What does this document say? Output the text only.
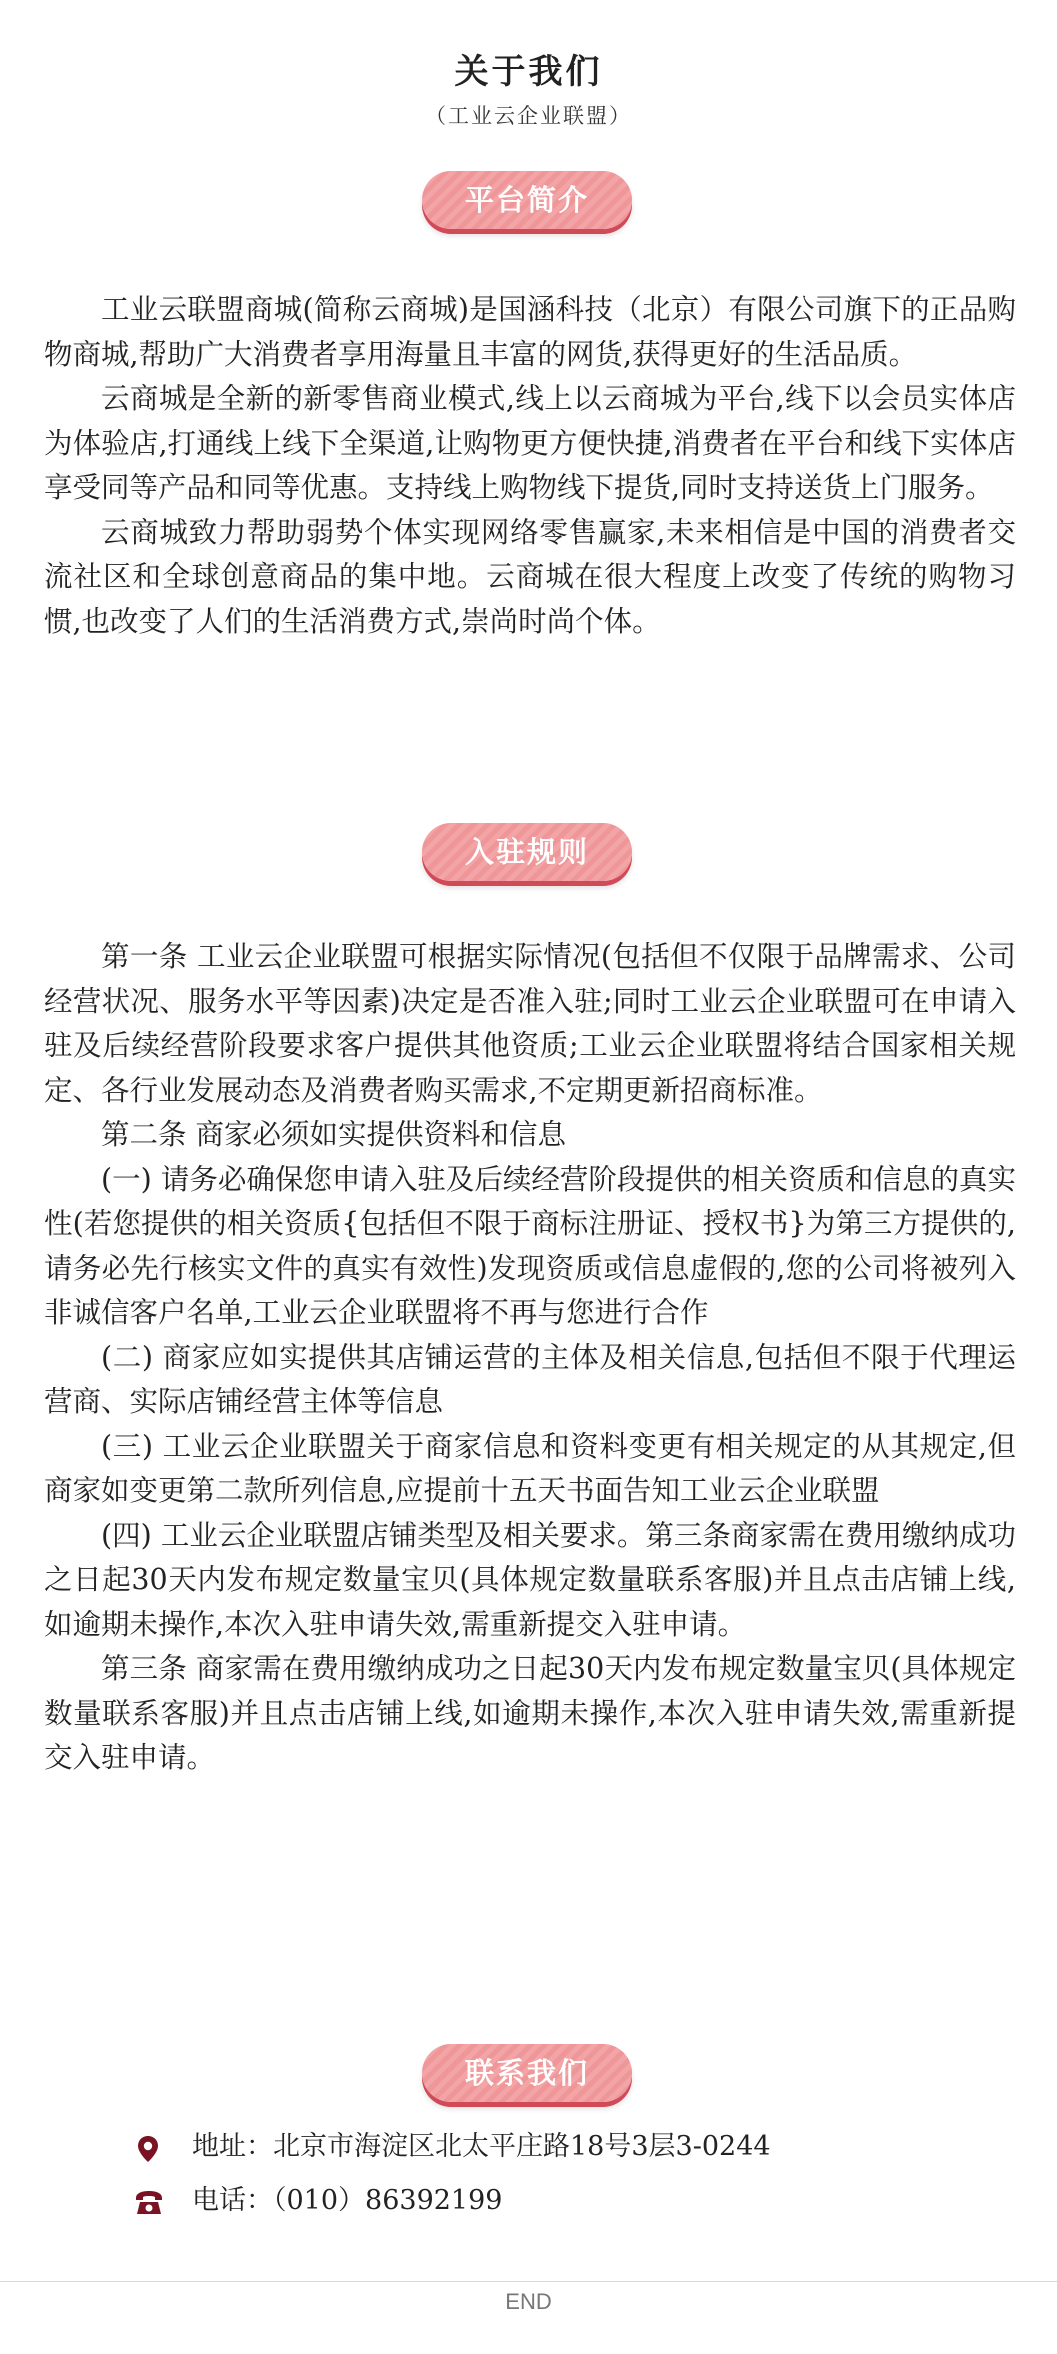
关于我们
（工业云企业联盟）
平台简介

工业云联盟商城(简称云商城)是国涵科技（北京）有限公司旗下的正品购物商城,帮助广大消费者享用海量且丰富的网货,获得更好的生活品质。

云商城是全新的新零售商业模式,线上以云商城为平台,线下以会员实体店为体验店,打通线上线下全渠道,让购物更方便快捷,消费者在平台和线下实体店享受同等产品和同等优惠。支持线上购物线下提货,同时支持送货上门服务。

云商城致力帮助弱势个体实现网络零售赢家,未来相信是中国的消费者交流社区和全球创意商品的集中地。云商城在很大程度上改变了传统的购物习惯,也改变了人们的生活消费方式,崇尚时尚个体。

入驻规则

第一条 工业云企业联盟可根据实际情况(包括但不仅限于品牌需求、公司经营状况、服务水平等因素)决定是否准入驻;同时工业云企业联盟可在申请入驻及后续经营阶段要求客户提供其他资质;工业云企业联盟将结合国家相关规定、各行业发展动态及消费者购买需求,不定期更新招商标准。

第二条 商家必须如实提供资料和信息

(一) 请务必确保您申请入驻及后续经营阶段提供的相关资质和信息的真实性(若您提供的相关资质{包括但不限于商标注册证、授权书}为第三方提供的,请务必先行核实文件的真实有效性)发现资质或信息虚假的,您的公司将被列入非诚信客户名单,工业云企业联盟将不再与您进行合作

(二) 商家应如实提供其店铺运营的主体及相关信息,包括但不限于代理运营商、实际店铺经营主体等信息

(三) 工业云企业联盟关于商家信息和资料变更有相关规定的从其规定,但商家如变更第二款所列信息,应提前十五天书面告知工业云企业联盟

(四) 工业云企业联盟店铺类型及相关要求。第三条商家需在费用缴纳成功之日起30天内发布规定数量宝贝(具体规定数量联系客服)并且点击店铺上线,如逾期未操作,本次入驻申请失效,需重新提交入驻申请。

第三条 商家需在费用缴纳成功之日起30天内发布规定数量宝贝(具体规定数量联系客服)并且点击店铺上线,如逾期未操作,本次入驻申请失效,需重新提交入驻申请。

联系我们
地址：北京市海淀区北太平庄路18号3层3-0244
电话：（010）86392199
END
